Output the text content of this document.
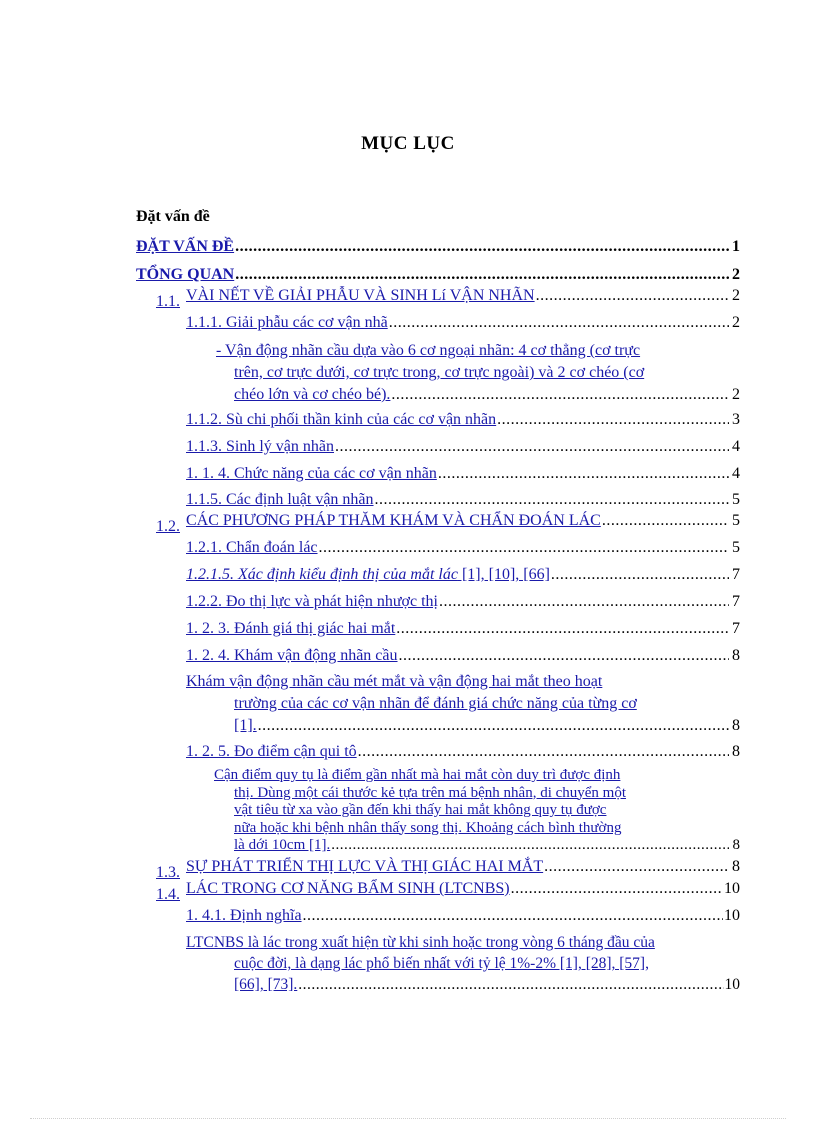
MỤC LỤC
Đặt vấn đề
ĐẶT VẤN ĐỀ .....	1
TỔNG QUAN .....	2
1.1. VÀI NẾT VỀ GIẢI PHẪU VÀ SINH Lí VẬN NHÃN .....	2
1.1.1. Giải phẫu các cơ vận nhã .....	2
- Vận động nhãn cầu dựa vào 6 cơ ngoại nhãn: 4 cơ thẳng (cơ trực
trên, cơ trực dưới, cơ trực trong, cơ trực ngoài) và 2 cơ chéo (cơ
chéo lớn và cơ chéo bé). .....	2
1.1.2. Sù chi phối thần kinh của các cơ vận nhãn .....	3
1.1.3. Sinh lý vận nhãn .....	4
1. 1. 4. Chức năng của các cơ vận nhãn .....	4
1.1.5. Các định luật vận nhãn .....	5
1.2. CÁC PHƯƠNG PHÁP THĂM KHÁM VÀ CHẨN ĐOÁN LÁC .....	5
1.2.1. Chẩn đoán lác .....	5
1.2.1.5. Xác định kiểu định thị của mắt lác [1], [10], [66] .....	7
1.2.2. Đo thị lực và phát hiện nhược thị .....	7
1. 2. 3. Đánh giá thị giác hai mắt .....	7
1. 2. 4. Khám vận động nhãn cầu .....	8
Khám vận động nhãn cầu mét mắt và vận động hai mắt theo hoạt
trường của các cơ vận nhãn để đánh giá chức năng của từng cơ
[1]. .....	8
1. 2. 5. Đo điểm cận qui tô .....	8
Cận điểm quy tụ là điểm gần nhất mà hai mắt còn duy trì được định
thị. Dùng một cái thước kẻ tựa trên má bệnh nhân, di chuyển một
vật tiêu từ xa vào gần đến khi thấy hai mắt không quy tụ được
nữa hoặc khi bệnh nhân thấy song thị. Khoảng cách bình thường
là dới 10cm [1]. .....	8
1.3. SỰ PHÁT TRIỂN THỊ LỰC VÀ THỊ GIÁC HAI MẮT .....	8
1.4. LÁC TRONG CƠ NĂNG BẨM SINH (LTCNBS) .....	10
1. 4.1. Định nghĩa .....	10
LTCNBS là lác trong xuất hiện từ khi sinh hoặc trong vòng 6 tháng đầu của
cuộc đời, là dạng lác phổ biến nhất với tỷ lệ 1%-2% [1], [28], [57],
[66], [73]. .....	10
